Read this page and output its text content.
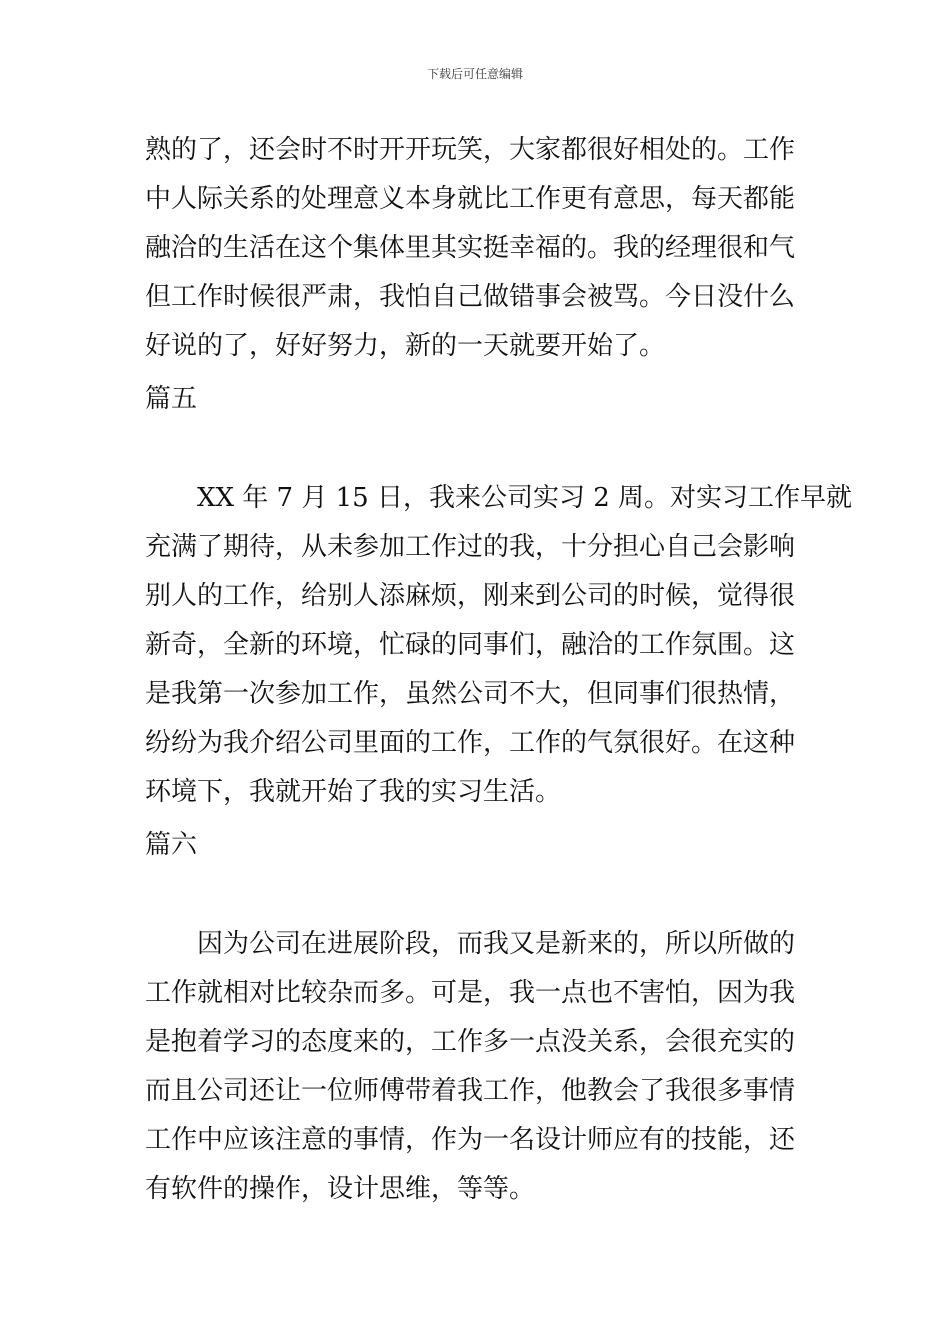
下载后可任意编辑
熟的了，还会时不时开开玩笑，大家都很好相处的。工作
中人际关系的处理意义本身就比工作更有意思，每天都能
融洽的生活在这个集体里其实挺幸福的。我的经理很和气
但工作时候很严肃，我怕自己做错事会被骂。今日没什么
好说的了，好好努力，新的一天就要开始了。
篇五
　　XX 年 7 月 15 日，我来公司实习 2 周。对实习工作早就
充满了期待，从未参加工作过的我，十分担心自己会影响
别人的工作，给别人添麻烦，刚来到公司的时候，觉得很
新奇，全新的环境，忙碌的同事们，融洽的工作氛围。这
是我第一次参加工作，虽然公司不大，但同事们很热情，
纷纷为我介绍公司里面的工作，工作的气氛很好。在这种
环境下，我就开始了我的实习生活。
篇六
　　因为公司在进展阶段，而我又是新来的，所以所做的
工作就相对比较杂而多。可是，我一点也不害怕，因为我
是抱着学习的态度来的，工作多一点没关系，会很充实的
而且公司还让一位师傅带着我工作，他教会了我很多事情
工作中应该注意的事情，作为一名设计师应有的技能，还
有软件的操作，设计思维，等等。
